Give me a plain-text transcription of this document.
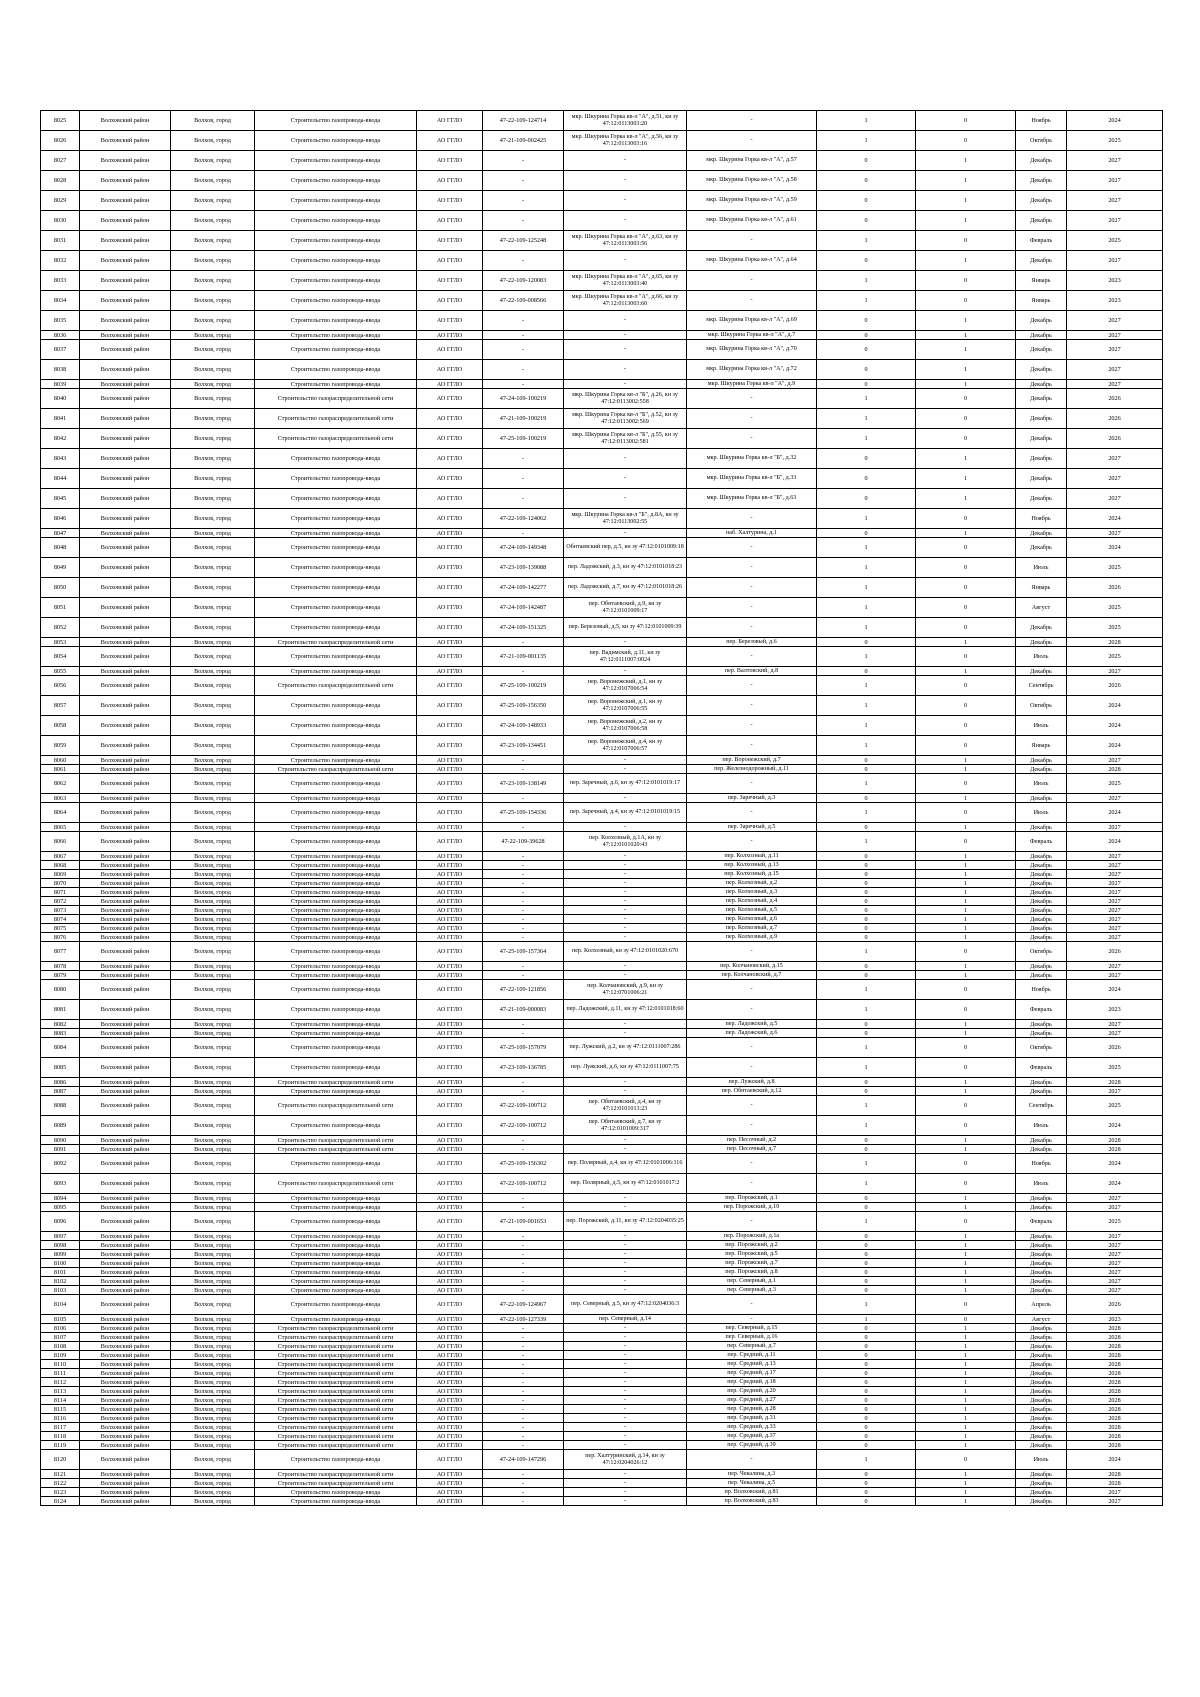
8025	Волховский район	Волхов, город	Строительство газопровода-ввода	АО ГГЛО	47-22-109-124714	мкр. Шкурина Горка кв-л "А", д.51, кн зу 47:12:0113003:20	-	1	0	Ноябрь	2024
8026	Волховский район	Волхов, город	Строительство газопровода-ввода	АО ГГЛО	47-21-109-002425	мкр. Шкурина Горка кв-л "А", д.56, кн зу 47:12:0113003:16	-	1	0	Октябрь	2025
8027	Волховский район	Волхов, город	Строительство газопровода-ввода	АО ГГЛО	-	-	мкр. Шкурина Горка кв-л "А", д.57	0	1	Декабрь	2027
8028	Волховский район	Волхов, город	Строительство газопровода-ввода	АО ГГЛО	-	-	мкр. Шкурина Горка кв-л "А", д.58	0	1	Декабрь	2027
8029	Волховский район	Волхов, город	Строительство газопровода-ввода	АО ГГЛО	-	-	мкр. Шкурина Горка кв-л "А", д.59	0	1	Декабрь	2027
8030	Волховский район	Волхов, город	Строительство газопровода-ввода	АО ГГЛО	-	-	мкр. Шкурина Горка кв-л "А", д.61	0	1	Декабрь	2027
8031	Волховский район	Волхов, город	Строительство газопровода-ввода	АО ГГЛО	47-22-109-125248	мкр. Шкурина Горка кв-л "А", д.63, кн зу 47:12:0113003:56	-	1	0	Февраль	2025
8032	Волховский район	Волхов, город	Строительство газопровода-ввода	АО ГГЛО	-	-	мкр. Шкурина Горка кв-л "А", д.64	0	1	Декабрь	2027
8033	Волховский район	Волхов, город	Строительство газопровода-ввода	АО ГГЛО	47-22-109-120083	мкр. Шкурина Горка кв-л "А", д.65, кн зу 47:12:0113003:40	-	1	0	Январь	2023
8034	Волховский район	Волхов, город	Строительство газопровода-ввода	АО ГГЛО	47-22-109-008566	мкр. Шкурина Горка кв-л "А", д.66, кн зу 47:12:0113003:60	-	1	0	Январь	2023
8035	Волховский район	Волхов, город	Строительство газопровода-ввода	АО ГГЛО	-	-	мкр. Шкурина Горка кв-л "А", д.69	0	1	Декабрь	2027
8036	Волховский район	Волхов, город	Строительство газопровода-ввода	АО ГГЛО	-	-	мкр. Шкурина Горка кв-л "А", д.7	0	1	Декабрь	2027
8037	Волховский район	Волхов, город	Строительство газопровода-ввода	АО ГГЛО	-	-	мкр. Шкурина Горка кв-л "А", д.70	0	1	Декабрь	2027
8038	Волховский район	Волхов, город	Строительство газопровода-ввода	АО ГГЛО	-	-	мкр. Шкурина Горка кв-л "А", д.72	0	1	Декабрь	2027
8039	Волховский район	Волхов, город	Строительство газопровода-ввода	АО ГГЛО	-	-	мкр. Шкурина Горка кв-л "А", д.9	0	1	Декабрь	2027
8040	Волховский район	Волхов, город	Строительство газораспределительной сети	АО ГГЛО	47-24-109-100219	мкр. Шкурина Горка кв-л "Б", д.26, кн зу 47:12:0113002:558	-	1	0	Декабрь	2026
8041	Волховский район	Волхов, город	Строительство газораспределительной сети	АО ГГЛО	47-21-109-100219	мкр. Шкурина Горка кв-л "Б", д.52, кн зу 47:12:0113002:569	-	1	0	Декабрь	2026
8042	Волховский район	Волхов, город	Строительство газораспределительной сети	АО ГГЛО	47-25-109-100219	мкр. Шкурина Горка кв-л "Б", д.55, кн зу 47:12:0113002:581	-	1	0	Декабрь	2026
8043	Волховский район	Волхов, город	Строительство газопровода-ввода	АО ГГЛО	-	-	мкр. Шкурина Горка кв-л "Б", д.32	0	1	Декабрь	2027
8044	Волховский район	Волхов, город	Строительство газопровода-ввода	АО ГГЛО	-	-	мкр. Шкурина Горка кв-л "Б", д.33	0	1	Декабрь	2027
8045	Волховский район	Волхов, город	Строительство газопровода-ввода	АО ГГЛО	-	-	мкр. Шкурина Горка кв-л "Б", д.63	0	1	Декабрь	2027
8046	Волховский район	Волхов, город	Строительство газопровода-ввода	АО ГГЛО	47-22-109-124062	мкр. Шкурина Горка кв-л "Б", д.8А, кн зу 47:12:0113002:55	-	1	0	Ноябрь	2024
8047	Волховский район	Волхов, город	Строительство газопровода-ввода	АО ГГЛО	-	-	наб. Халтурина, д.1	0	1	Декабрь	2027
8048	Волховский район	Волхов, город	Строительство газопровода-ввода	АО ГГЛО	47-24-109-149348	Обнтаевский пер, д.5, кн зу 47:12:0101009:18	-	1	0	Декабрь	2024
8049	Волховский район	Волхов, город	Строительство газопровода-ввода	АО ГГЛО	47-23-109-139088	пер. Ладожский, д.3, кн зу 47:12:0101018:23	-	1	0	Июль	2025
8050	Волховский район	Волхов, город	Строительство газопровода-ввода	АО ГГЛО	47-24-109-142277	пер. Ладожский, д.7, кн зу 47:12:0101018:26	-	1	0	Январь	2026
8051	Волховский район	Волхов, город	Строительство газопровода-ввода	АО ГГЛО	47-24-109-142487	пер. Обнтаевский, д.9, кн зу 47:12:0101009:17	-	1	0	Август	2025
8052	Волховский район	Волхов, город	Строительство газопровода-ввода	АО ГГЛО	47-24-109-151325	пер. Березовый, д.5, кн зу 47:12:0101009:39	-	1	0	Декабрь	2025
8053	Волховский район	Волхов, город	Строительство газораспределительной сети	АО ГГЛО	-	-	пер. Березовый, д.6	0	1	Декабрь	2028
8054	Волховский район	Волхов, город	Строительство газопровода-ввода	АО ГГЛО	47-21-109-001135	пер. Вадимский, д.11, кн зу 47:12:0111007:0024	-	1	0	Июль	2025
8055	Волховский район	Волхов, город	Строительство газопровода-ввода	АО ГГЛО	-	-	пер. Валтовский, д.8	0	1	Декабрь	2027
8056	Волховский район	Волхов, город	Строительство газораспределительной сети	АО ГГЛО	47-25-109-100219	пер. Воронежский, д.1, кн зу 47:12:0107006:54	-	1	0	Сентябрь	2026
8057	Волховский район	Волхов, город	Строительство газопровода-ввода	АО ГГЛО	47-25-109-156350	пер. Воронежский, д.1, кн зу 47:12:0107006:55	-	1	0	Октябрь	2024
8058	Волховский район	Волхов, город	Строительство газопровода-ввода	АО ГГЛО	47-24-109-148933	пер. Воронежский, д.2, кн зу 47:12:0107006:58	-	1	0	Июль	2024
8059	Волховский район	Волхов, город	Строительство газопровода-ввода	АО ГГЛО	47-23-109-134451	пер. Воронежский, д.4, кн зу 47:12:0107006:57	-	1	0	Январь	2024
8060	Волховский район	Волхов, город	Строительство газопровода-ввода	АО ГГЛО	-	-	пер. Воронежский, д.7	0	1	Декабрь	2027
8061	Волховский район	Волхов, город	Строительство газораспределительной сети	АО ГГЛО	-	-	пер. Железнодорожный, д.11	0	1	Декабрь	2028
8062	Волховский район	Волхов, город	Строительство газопровода-ввода	АО ГГЛО	47-23-109-138149	пер. Заречный, д.6, кн зу 47:12:0101019:17	-	1	0	Июль	2025
8063	Волховский район	Волхов, город	Строительство газопровода-ввода	АО ГГЛО	-	-	пер. Заречный, д.3	0	1	Декабрь	2027
8064	Волховский район	Волхов, город	Строительство газопровода-ввода	АО ГГЛО	47-25-109-154336	пер. Заречный, д.4, кн зу 47:12:0101019:15	-	1	0	Июль	2024
8065	Волховский район	Волхов, город	Строительство газопровода-ввода	АО ГГЛО	-	-	пер. Заречный, д.5	0	1	Декабрь	2027
8066	Волховский район	Волхов, город	Строительство газопровода-ввода	АО ГГЛО	47-22-109-39628	пер. Колхозный, д.1А, кн зу 47:12:0101020:43	-	1	0	Февраль	2024
8067	Волховский район	Волхов, город	Строительство газопровода-ввода	АО ГГЛО	-	-	пер. Колхозный, д.11	0	1	Декабрь	2027
8068	Волховский район	Волхов, город	Строительство газопровода-ввода	АО ГГЛО	-	-	пер. Колхозный, д.13	0	1	Декабрь	2027
8069	Волховский район	Волхов, город	Строительство газопровода-ввода	АО ГГЛО	-	-	пер. Колхозный, д.15	0	1	Декабрь	2027
8070	Волховский район	Волхов, город	Строительство газопровода-ввода	АО ГГЛО	-	-	пер. Колхозный, д.2	0	1	Декабрь	2027
8071	Волховский район	Волхов, город	Строительство газопровода-ввода	АО ГГЛО	-	-	пер. Колхозный, д.3	0	1	Декабрь	2027
8072	Волховский район	Волхов, город	Строительство газопровода-ввода	АО ГГЛО	-	-	пер. Колхозный, д.4	0	1	Декабрь	2027
8073	Волховский район	Волхов, город	Строительство газопровода-ввода	АО ГГЛО	-	-	пер. Колхозный, д.5	0	1	Декабрь	2027
8074	Волховский район	Волхов, город	Строительство газопровода-ввода	АО ГГЛО	-	-	пер. Колхозный, д.6	0	1	Декабрь	2027
8075	Волховский район	Волхов, город	Строительство газопровода-ввода	АО ГГЛО	-	-	пер. Колхозный, д.7	0	1	Декабрь	2027
8076	Волховский район	Волхов, город	Строительство газопровода-ввода	АО ГГЛО	-	-	пер. Колхозный, д.9	0	1	Декабрь	2027
8077	Волховский район	Волхов, город	Строительство газопровода-ввода	АО ГГЛО	47-25-109-157364	пер. Колхозный, кн зу 47:12:0101020:670	-	1	0	Октябрь	2026
8078	Волховский район	Волхов, город	Строительство газопровода-ввода	АО ГГЛО	-	-	пер. Колчановский, д.15	0	1	Декабрь	2027
8079	Волховский район	Волхов, город	Строительство газопровода-ввода	АО ГГЛО	-	-	пер. Колчановский, д.7	0	1	Декабрь	2027
8080	Волховский район	Волхов, город	Строительство газопровода-ввода	АО ГГЛО	47-22-109-121856	пер. Колчановский, д.9, кн зу 47:12:0701006:21	-	1	0	Ноябрь	2024
8081	Волховский район	Волхов, город	Строительство газопровода-ввода	АО ГГЛО	47-21-109-000083	пер. Ладожский, д.11, кн зу 47:12:0101018:60	-	1	0	Февраль	2023
8082	Волховский район	Волхов, город	Строительство газопровода-ввода	АО ГГЛО	-	-	пер. Ладожский, д.5	0	1	Декабрь	2027
8083	Волховский район	Волхов, город	Строительство газопровода-ввода	АО ГГЛО	-	-	пер. Ладожский, д.6	0	1	Декабрь	2027
8084	Волховский район	Волхов, город	Строительство газопровода-ввода	АО ГГЛО	47-25-109-157079	пер. Лужский, д.2, кн зу 47:12:0111007:286	-	1	0	Октябрь	2026
8085	Волховский район	Волхов, город	Строительство газопровода-ввода	АО ГГЛО	47-23-109-136785	пер. Лужский, д.6, кн зу 47:12:0111007:75	-	1	0	Февраль	2025
8086	Волховский район	Волхов, город	Строительство газораспределительной сети	АО ГГЛО	-	-	пер. Лужский, д.8	0	1	Декабрь	2028
8087	Волховский район	Волхов, город	Строительство газопровода-ввода	АО ГГЛО	-	-	пер. Обнтаевский, д.12	0	1	Декабрь	2027
8088	Волховский район	Волхов, город	Строительство газораспределительной сети	АО ГГЛО	47-22-109-100712	пер. Обнтаевский, д.4, кн зу 47:12:0101013:23	-	1	0	Сентябрь	2025
8089	Волховский район	Волхов, город	Строительство газопровода-ввода	АО ГГЛО	47-22-109-100712	пер. Обнтаевский, д.7, кн зу 47:12:0101009:317	-	1	0	Июль	2024
8090	Волховский район	Волхов, город	Строительство газораспределительной сети	АО ГГЛО	-	-	пер. Песочный, д.2	0	1	Декабрь	2028
8091	Волховский район	Волхов, город	Строительство газораспределительной сети	АО ГГЛО	-	-	пер. Песочный, д.7	0	1	Декабрь	2028
8092	Волховский район	Волхов, город	Строительство газопровода-ввода	АО ГГЛО	47-25-109-156302	пер. Полярный, д.4, кн зу 47:12:0101006:116	-	1	0	Ноябрь	2024
8093	Волховский район	Волхов, город	Строительство газораспределительной сети	АО ГГЛО	47-22-109-100712	пер. Полярный, д.5, кн зу 47:12:0101017:2	-	1	0	Июль	2024
8094	Волховский район	Волхов, город	Строительство газопровода-ввода	АО ГГЛО	-	-	пер. Порожский, д.1	0	1	Декабрь	2027
8095	Волховский район	Волхов, город	Строительство газопровода-ввода	АО ГГЛО	-	-	пер. Порожский, д.10	0	1	Декабрь	2027
8096	Волховский район	Волхов, город	Строительство газопровода-ввода	АО ГГЛО	47-21-109-001653	пер. Порожский, д.11, кн зу 47:12:0204035:25	-	1	0	Февраль	2025
8097	Волховский район	Волхов, город	Строительство газопровода-ввода	АО ГГЛО	-	-	пер. Порожский, д.1а	0	1	Декабрь	2027
8098	Волховский район	Волхов, город	Строительство газопровода-ввода	АО ГГЛО	-	-	пер. Порожский, д.2	0	1	Декабрь	2027
8099	Волховский район	Волхов, город	Строительство газопровода-ввода	АО ГГЛО	-	-	пер. Порожский, д.5	0	1	Декабрь	2027
8100	Волховский район	Волхов, город	Строительство газопровода-ввода	АО ГГЛО	-	-	пер. Порожский, д.7	0	1	Декабрь	2027
8101	Волховский район	Волхов, город	Строительство газопровода-ввода	АО ГГЛО	-	-	пер. Порожский, д.8	0	1	Декабрь	2027
8102	Волховский район	Волхов, город	Строительство газопровода-ввода	АО ГГЛО	-	-	пер. Северный, д.1	0	1	Декабрь	2027
8103	Волховский район	Волхов, город	Строительство газопровода-ввода	АО ГГЛО	-	-	пер. Северный, д.3	0	1	Декабрь	2027
8104	Волховский район	Волхов, город	Строительство газопровода-ввода	АО ГГЛО	47-22-109-124967	пер. Северный, д.5, кн зу 47:12:0204036:3	-	1	0	Апрель	2026
8105	Волховский район	Волхов, город	Строительство газопровода-ввода	АО ГГЛО	47-22-109-127339	пер. Северный, д.14	-	1	0	Август	2023
8106	Волховский район	Волхов, город	Строительство газораспределительной сети	АО ГГЛО	-	-	пер. Северный, д.15	0	1	Декабрь	2028
8107	Волховский район	Волхов, город	Строительство газораспределительной сети	АО ГГЛО	-	-	пер. Северный, д.16	0	1	Декабрь	2028
8108	Волховский район	Волхов, город	Строительство газораспределительной сети	АО ГГЛО	-	-	пер. Северный, д.7	0	1	Декабрь	2028
8109	Волховский район	Волхов, город	Строительство газораспределительной сети	АО ГГЛО	-	-	пер. Средний, д.11	0	1	Декабрь	2028
8110	Волховский район	Волхов, город	Строительство газораспределительной сети	АО ГГЛО	-	-	пер. Средний, д.13	0	1	Декабрь	2028
8111	Волховский район	Волхов, город	Строительство газораспределительной сети	АО ГГЛО	-	-	пер. Средний, д.17	0	1	Декабрь	2028
8112	Волховский район	Волхов, город	Строительство газораспределительной сети	АО ГГЛО	-	-	пер. Средний, д.18	0	1	Декабрь	2028
8113	Волховский район	Волхов, город	Строительство газораспределительной сети	АО ГГЛО	-	-	пер. Средний, д.20	0	1	Декабрь	2028
8114	Волховский район	Волхов, город	Строительство газораспределительной сети	АО ГГЛО	-	-	пер. Средний, д.27	0	1	Декабрь	2028
8115	Волховский район	Волхов, город	Строительство газораспределительной сети	АО ГГЛО	-	-	пер. Средний, д.28	0	1	Декабрь	2028
8116	Волховский район	Волхов, город	Строительство газораспределительной сети	АО ГГЛО	-	-	пер. Средний, д.31	0	1	Декабрь	2028
8117	Волховский район	Волхов, город	Строительство газораспределительной сети	АО ГГЛО	-	-	пер. Средний, д.33	0	1	Декабрь	2028
8118	Волховский район	Волхов, город	Строительство газораспределительной сети	АО ГГЛО	-	-	пер. Средний, д.37	0	1	Декабрь	2028
8119	Волховский район	Волхов, город	Строительство газораспределительной сети	АО ГГЛО	-	-	пер. Средний, д.39	0	1	Декабрь	2028
8120	Волховский район	Волхов, город	Строительство газопровода-ввода	АО ГГЛО	47-24-109-147296	пер. Халтуринский, д.14, кн зу 47:12:0204026:12	-	1	0	Июль	2024
8121	Волховский район	Волхов, город	Строительство газораспределительной сети	АО ГГЛО	-	-	пер. Чекалина, д.3	0	1	Декабрь	2028
8122	Волховский район	Волхов, город	Строительство газораспределительной сети	АО ГГЛО	-	-	пер. Чекалина, д.5	0	1	Декабрь	2028
8123	Волховский район	Волхов, город	Строительство газопровода-ввода	АО ГГЛО	-	-	пр. Волховский, д.81	0	1	Декабрь	2027
8124	Волховский район	Волхов, город	Строительство газопровода-ввода	АО ГГЛО	-	-	пр. Волховский, д.83	0	1	Декабрь	2027
